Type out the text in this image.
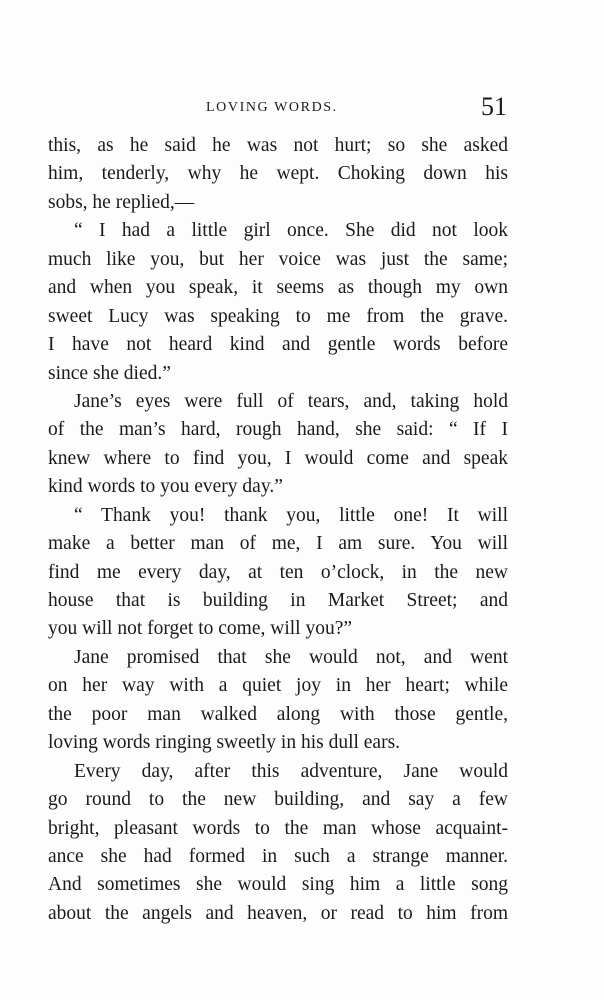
LOVING WORDS.	51
this, as he said he was not hurt; so she asked
him, tenderly, why he wept. Choking down his
sobs, he replied,—
“ I had a little girl once. She did not look
much like you, but her voice was just the same;
and when you speak, it seems as though my own
sweet Lucy was speaking to me from the grave.
I have not heard kind and gentle words before
since she died.”
Jane’s eyes were full of tears, and, taking hold
of the man’s hard, rough hand, she said: “ If I
knew where to find you, I would come and speak
kind words to you every day.”
“ Thank you! thank you, little one! It will
make a better man of me, I am sure. You will
find me every day, at ten o’clock, in the new
house that is building in Market Street; and
you will not forget to come, will you?”
Jane promised that she would not, and went
on her way with a quiet joy in her heart; while
the poor man walked along with those gentle,
loving words ringing sweetly in his dull ears.
Every day, after this adventure, Jane would
go round to the new building, and say a few
bright, pleasant words to the man whose acquaint-
ance she had formed in such a strange manner.
And sometimes she would sing him a little song
about the angels and heaven, or read to him from
